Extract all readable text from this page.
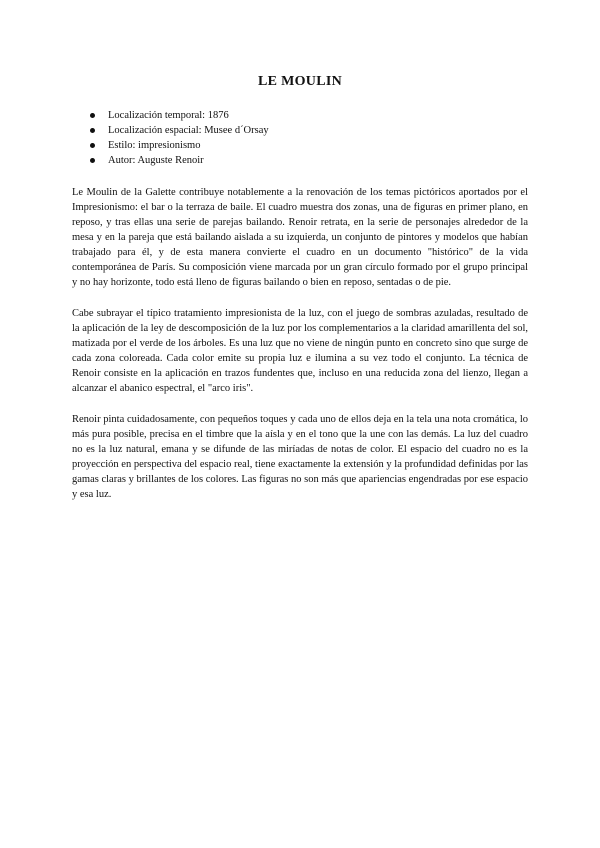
LE MOULIN
Localización temporal: 1876
Localización espacial: Musee d´Orsay
Estilo: impresionismo
Autor: Auguste Renoir

Le Moulin de la Galette contribuye notablemente a la renovación de los temas pictóricos aportados por el Impresionismo: el bar o la terraza de baile. El cuadro muestra dos zonas, una de figuras en primer plano, en reposo, y tras ellas una serie de parejas bailando. Renoir retrata, en la serie de personajes alrededor de la mesa y en la pareja que está bailando aislada a su izquierda, un conjunto de pintores y modelos que habían trabajado para él, y de esta manera convierte el cuadro en un documento "histórico" de la vida contemporánea de París. Su composición viene marcada por un gran círculo formado por el grupo principal y no hay horizonte, todo está lleno de figuras bailando o bien en reposo, sentadas o de pie.

Cabe subrayar el típico tratamiento impresionista de la luz, con el juego de sombras azuladas, resultado de la aplicación de la ley de descomposición de la luz por los complementarios a la claridad amarillenta del sol, matizada por el verde de los árboles. Es una luz que no viene de ningún punto en concreto sino que surge de cada zona coloreada. Cada color emite su propia luz e ilumina a su vez todo el conjunto. La técnica de Renoir consiste en la aplicación en trazos fundentes que, incluso en una reducida zona del lienzo, llegan a alcanzar el abanico espectral, el "arco iris".

Renoir pinta cuidadosamente, con pequeños toques y cada uno de ellos deja en la tela una nota cromática, lo más pura posible, precisa en el timbre que la aísla y en el tono que la une con las demás. La luz del cuadro no es la luz natural, emana y se difunde de las miríadas de notas de color. El espacio del cuadro no es la proyección en perspectiva del espacio real, tiene exactamente la extensión y la profundidad definidas por las gamas claras y brillantes de los colores. Las figuras no son más que apariencias engendradas por ese espacio y esa luz.
